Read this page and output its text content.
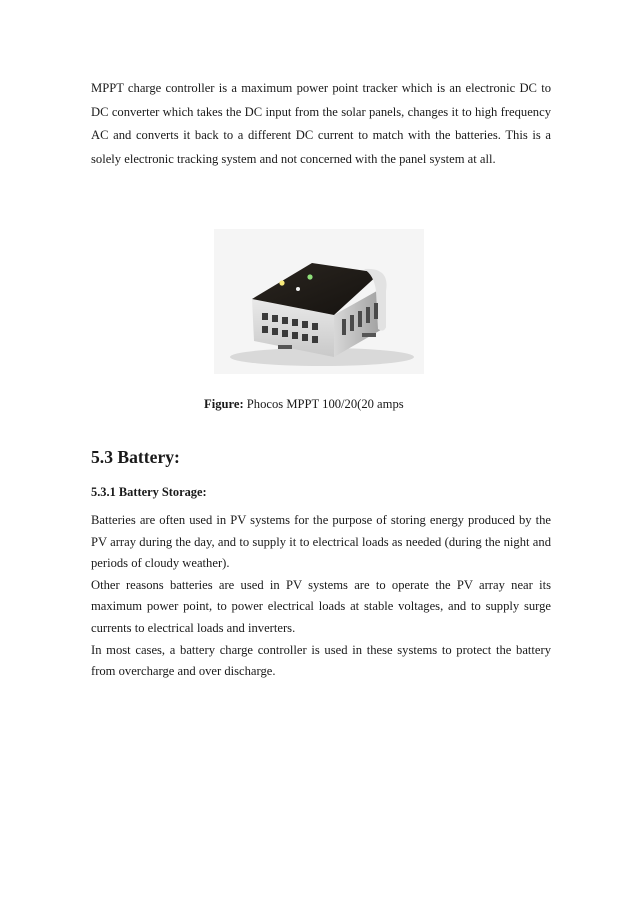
MPPT charge controller is a maximum power point tracker which is an electronic DC to DC converter which takes the DC input from the solar panels, changes it to high frequency AC and converts it back to a different DC current to match with the batteries. This is a solely electronic tracking system and not concerned with the panel system at all.

Figure: Phocos MPPT 100/20(20 amps
5.3 Battery:
5.3.1 Battery Storage:
Batteries are often used in PV systems for the purpose of storing energy produced by the PV array during the day, and to supply it to electrical loads as needed (during the night and periods of cloudy weather).
Other reasons batteries are used in PV systems are to operate the PV array near its maximum power point, to power electrical loads at stable voltages, and to supply surge currents to electrical loads and inverters.
In most cases, a battery charge controller is used in these systems to protect the battery from overcharge and over discharge.
